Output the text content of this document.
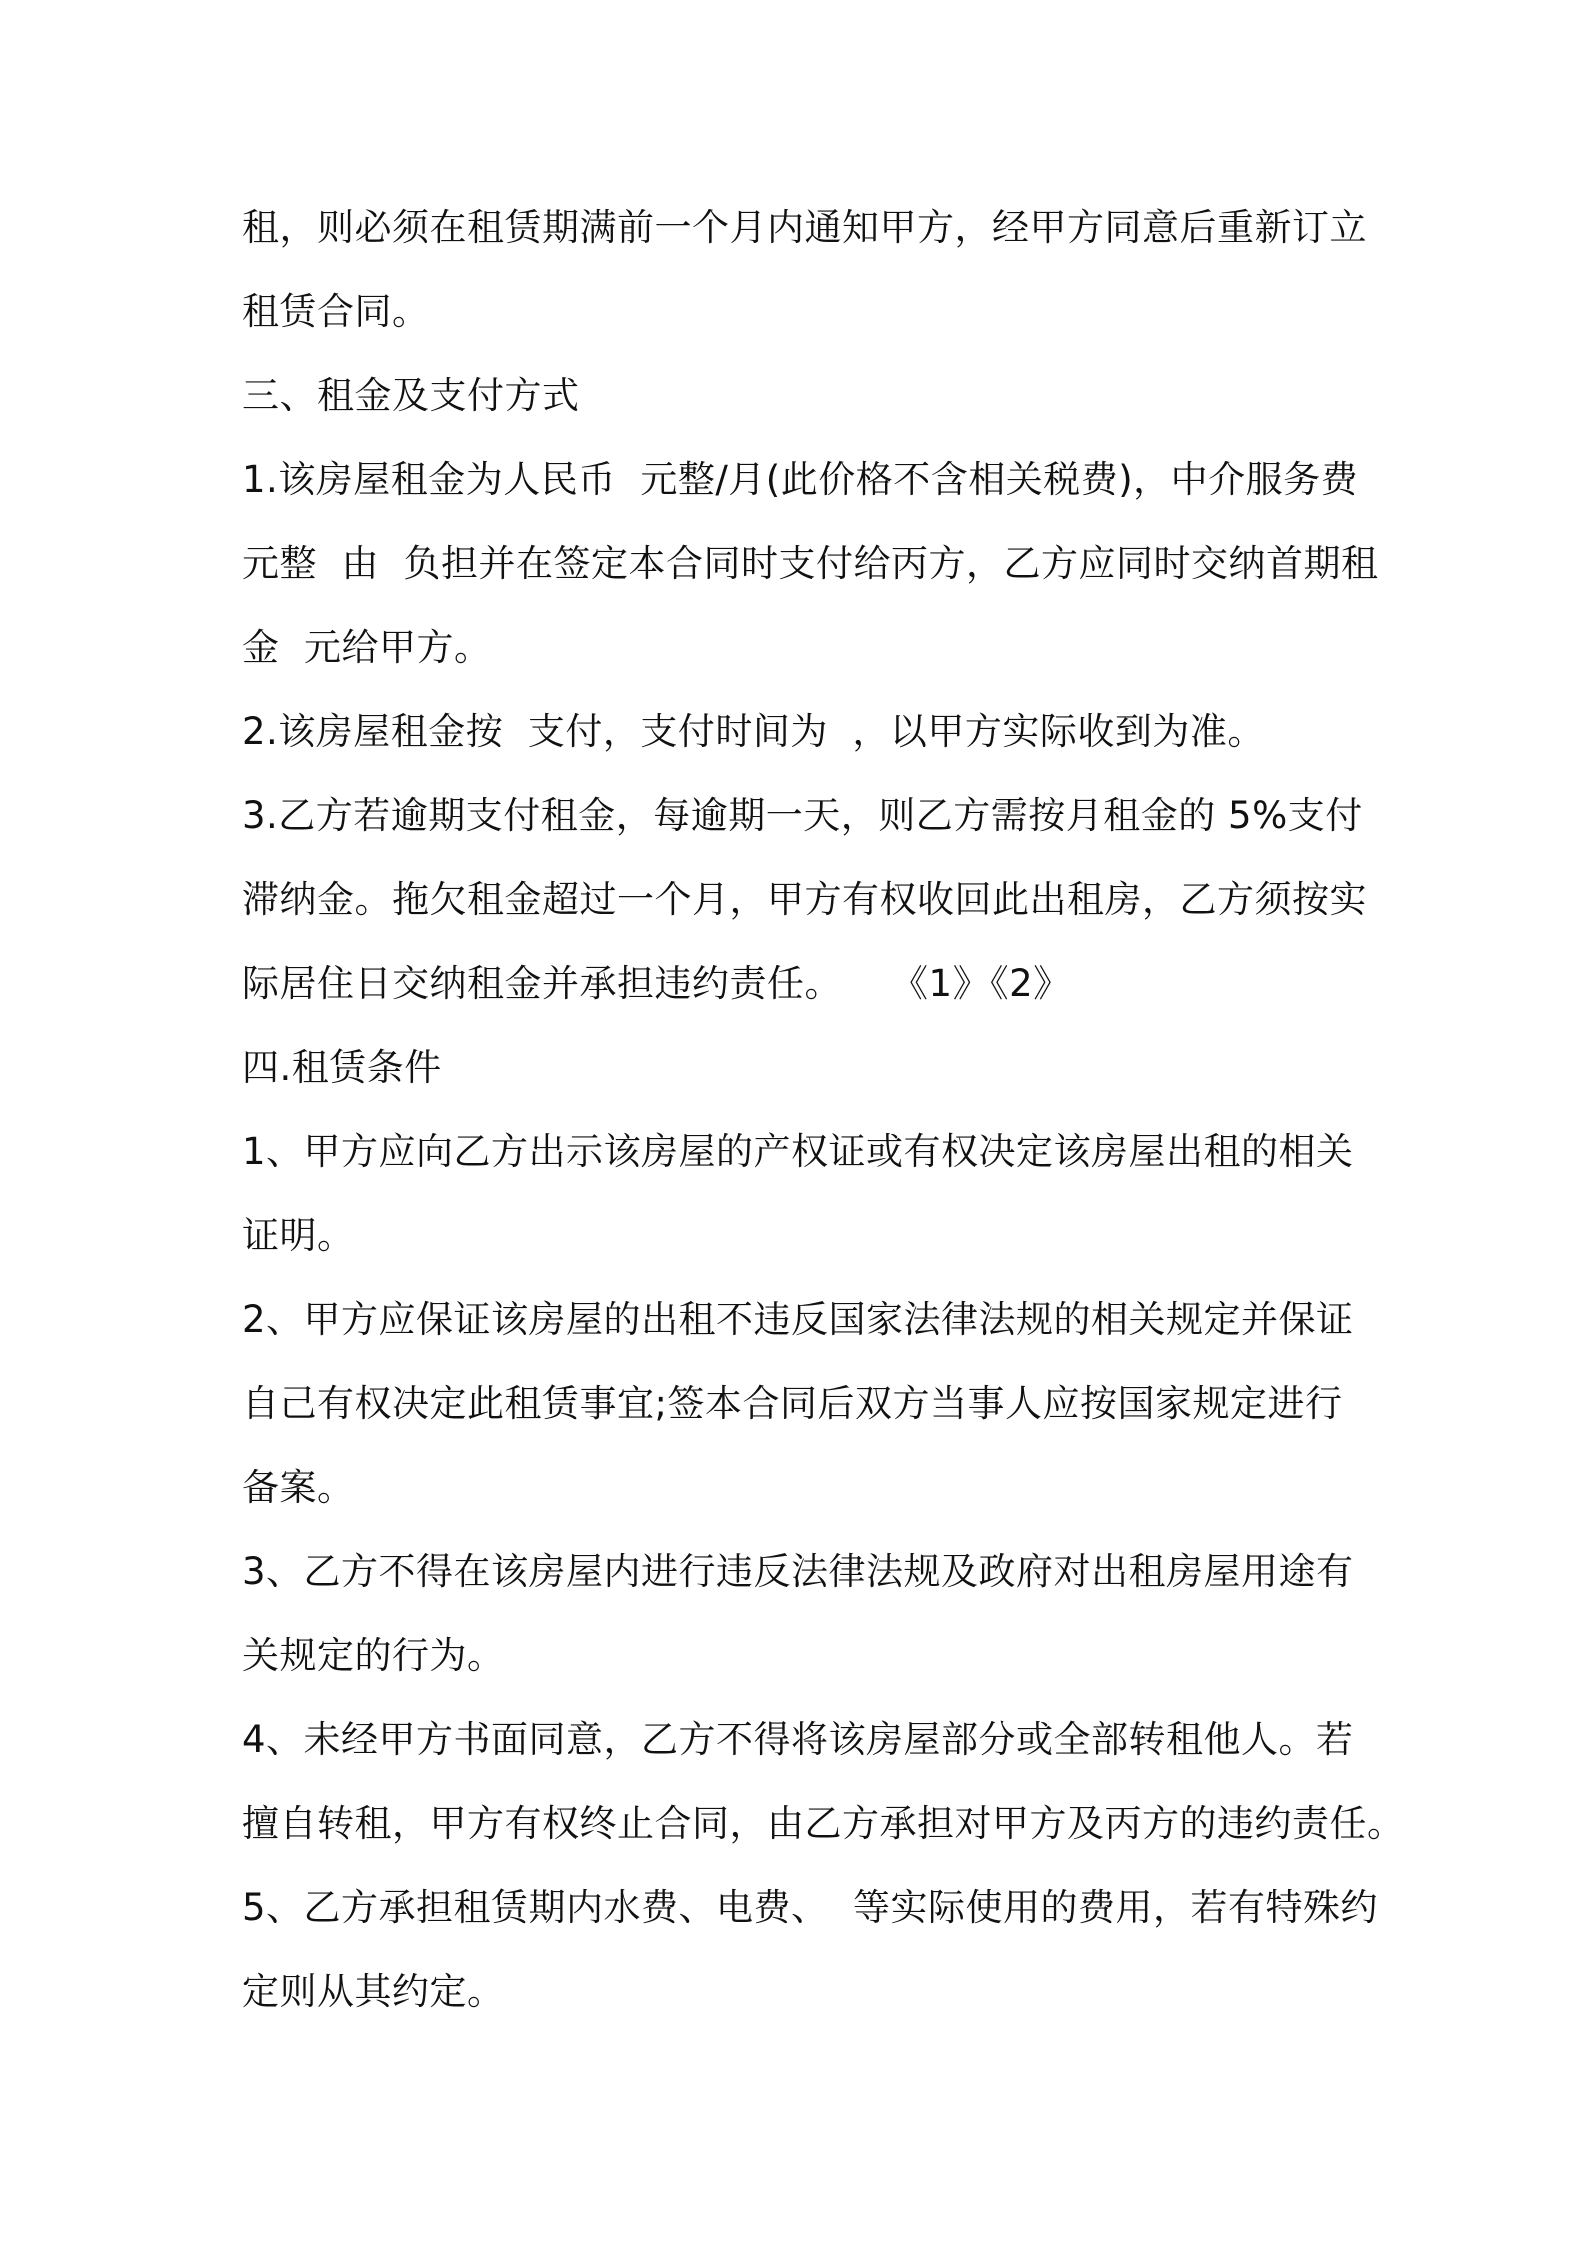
租，则必须在租赁期满前一个月内通知甲方，经甲方同意后重新订立
租赁合同。
三、租金及支付方式
1.该房屋租金为人民币  元整/月(此价格不含相关税费)，中介服务费
元整  由  负担并在签定本合同时支付给丙方，乙方应同时交纳首期租
金  元给甲方。
2.该房屋租金按  支付，支付时间为  ，以甲方实际收到为准。
3.乙方若逾期支付租金，每逾期一天，则乙方需按月租金的 5%支付
滞纳金。拖欠租金超过一个月，甲方有权收回此出租房，乙方须按实
际居住日交纳租金并承担违约责任。    《1》《2》
四.租赁条件
1、甲方应向乙方出示该房屋的产权证或有权决定该房屋出租的相关
证明。
2、甲方应保证该房屋的出租不违反国家法律法规的相关规定并保证
自己有权决定此租赁事宜;签本合同后双方当事人应按国家规定进行
备案。
3、乙方不得在该房屋内进行违反法律法规及政府对出租房屋用途有
关规定的行为。
4、未经甲方书面同意，乙方不得将该房屋部分或全部转租他人。若
擅自转租，甲方有权终止合同，由乙方承担对甲方及丙方的违约责任。
5、乙方承担租赁期内水费、电费、  等实际使用的费用，若有特殊约
定则从其约定。
